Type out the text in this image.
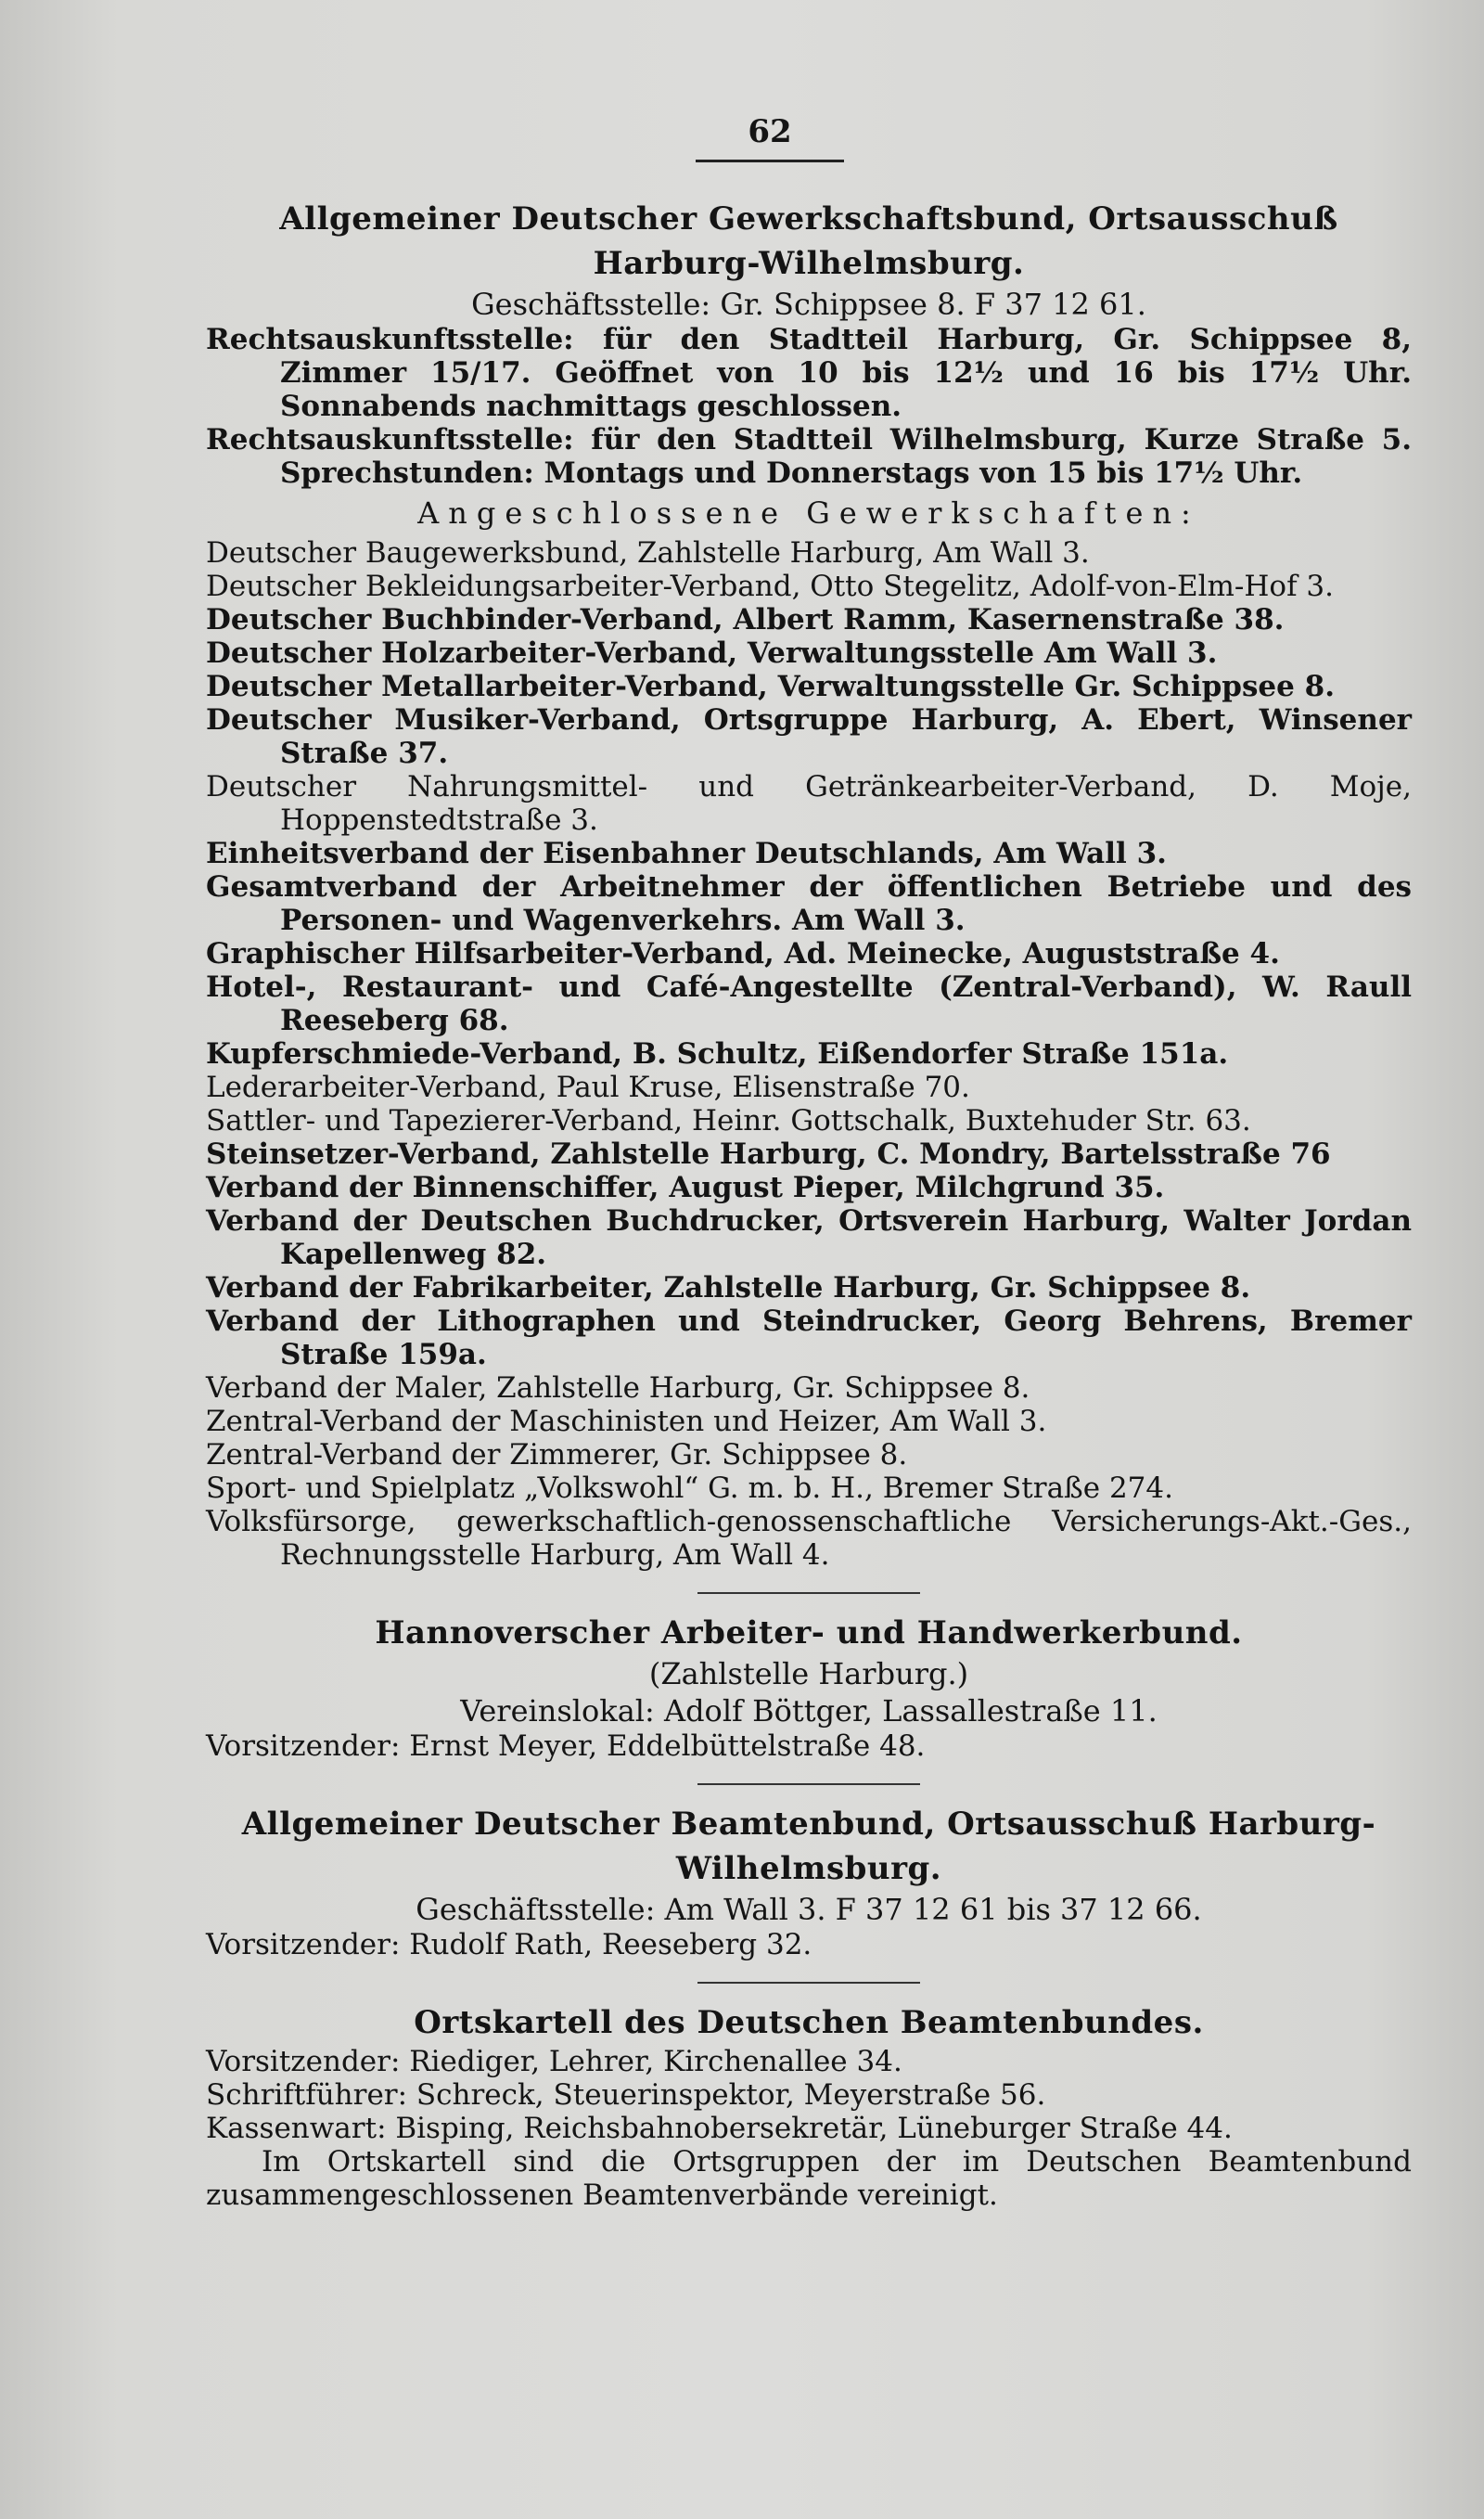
62
Allgemeiner Deutscher Gewerkschaftsbund, Ortsausschuß
Harburg-Wilhelmsburg.
Geschäftsstelle: Gr. Schippsee 8. F 37 12 61.
Rechtsauskunftsstelle: für den Stadtteil Harburg, Gr. Schippsee 8, Zimmer 15/17. Geöffnet von 10 bis 12½ und 16 bis 17½ Uhr. Sonnabends nachmittags geschlossen.
Rechtsauskunftsstelle: für den Stadtteil Wilhelmsburg, Kurze Straße 5. Sprechstunden: Montags und Donnerstags von 15 bis 17½ Uhr.
Angeschlossene Gewerkschaften:
Deutscher Baugewerksbund, Zahlstelle Harburg, Am Wall 3.
Deutscher Bekleidungsarbeiter-Verband, Otto Stegelitz, Adolf-von-Elm-Hof 3.
Deutscher Buchbinder-Verband, Albert Ramm, Kasernenstraße 38.
Deutscher Holzarbeiter-Verband, Verwaltungsstelle Am Wall 3.
Deutscher Metallarbeiter-Verband, Verwaltungsstelle Gr. Schippsee 8.
Deutscher Musiker-Verband, Ortsgruppe Harburg, A. Ebert, Winsener Straße 37.
Deutscher Nahrungsmittel- und Getränkearbeiter-Verband, D. Moje, Hoppenstedtstraße 3.
Einheitsverband der Eisenbahner Deutschlands, Am Wall 3.
Gesamtverband der Arbeitnehmer der öffentlichen Betriebe und des Personen- und Wagenverkehrs. Am Wall 3.
Graphischer Hilfsarbeiter-Verband, Ad. Meinecke, Auguststraße 4.
Hotel-, Restaurant- und Café-Angestellte (Zentral-Verband), W. Raull Reeseberg 68.
Kupferschmiede-Verband, B. Schultz, Eißendorfer Straße 151a.
Lederarbeiter-Verband, Paul Kruse, Elisenstraße 70.
Sattler- und Tapezierer-Verband, Heinr. Gottschalk, Buxtehuder Str. 63.
Steinsetzer-Verband, Zahlstelle Harburg, C. Mondry, Bartelsstraße 76
Verband der Binnenschiffer, August Pieper, Milchgrund 35.
Verband der Deutschen Buchdrucker, Ortsverein Harburg, Walter Jordan Kapellenweg 82.
Verband der Fabrikarbeiter, Zahlstelle Harburg, Gr. Schippsee 8.
Verband der Lithographen und Steindrucker, Georg Behrens, Bremer Straße 159a.
Verband der Maler, Zahlstelle Harburg, Gr. Schippsee 8.
Zentral-Verband der Maschinisten und Heizer, Am Wall 3.
Zentral-Verband der Zimmerer, Gr. Schippsee 8.
Sport- und Spielplatz „Volkswohl“ G. m. b. H., Bremer Straße 274.
Volksfürsorge, gewerkschaftlich-genossenschaftliche Versicherungs-Akt.-Ges., Rechnungsstelle Harburg, Am Wall 4.
Hannoverscher Arbeiter- und Handwerkerbund.
(Zahlstelle Harburg.)
Vereinslokal: Adolf Böttger, Lassallestraße 11.
Vorsitzender: Ernst Meyer, Eddelbüttelstraße 48.
Allgemeiner Deutscher Beamtenbund, Ortsausschuß Harburg-Wilhelmsburg.
Geschäftsstelle: Am Wall 3. F 37 12 61 bis 37 12 66.
Vorsitzender: Rudolf Rath, Reeseberg 32.
Ortskartell des Deutschen Beamtenbundes.
Vorsitzender: Riediger, Lehrer, Kirchenallee 34.
Schriftführer: Schreck, Steuerinspektor, Meyerstraße 56.
Kassenwart: Bisping, Reichsbahnobersekretär, Lüneburger Straße 44.
Im Ortskartell sind die Ortsgruppen der im Deutschen Beamtenbund zusammengeschlossenen Beamtenverbände vereinigt.
